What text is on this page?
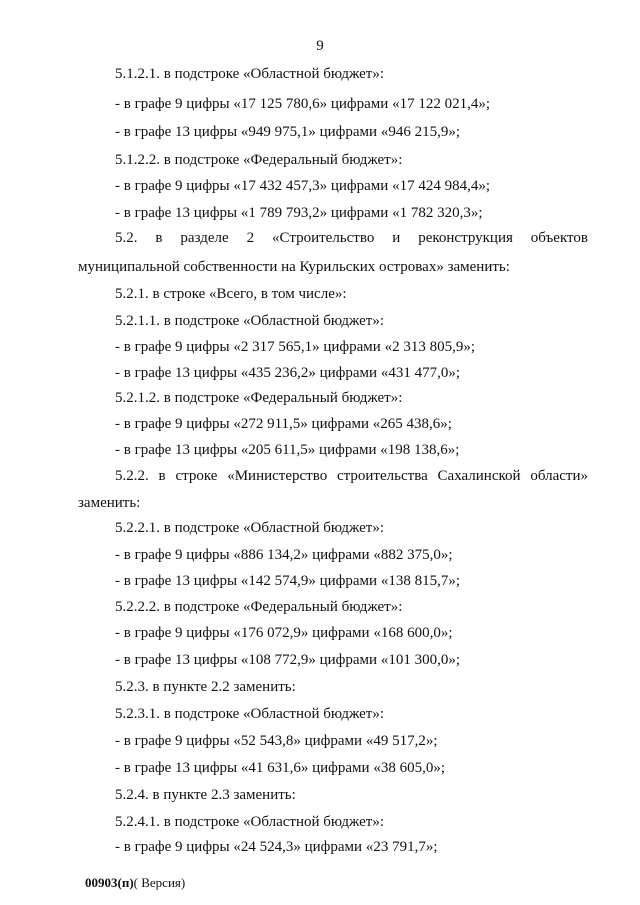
9
5.1.2.1. в подстроке «Областной бюджет»:
- в графе 9 цифры «17 125 780,6» цифрами «17 122 021,4»;
- в графе 13 цифры «949 975,1» цифрами «946 215,9»;
5.1.2.2. в подстроке «Федеральный бюджет»:
- в графе 9 цифры «17 432 457,3» цифрами «17 424 984,4»;
- в графе 13 цифры «1 789 793,2» цифрами «1 782 320,3»;
5.2. в разделе 2 «Строительство и реконструкция объектов
муниципальной собственности на Курильских островах» заменить:
5.2.1. в строке «Всего, в том числе»:
5.2.1.1. в подстроке «Областной бюджет»:
- в графе 9 цифры «2 317 565,1» цифрами «2 313 805,9»;
- в графе 13 цифры «435 236,2» цифрами «431 477,0»;
5.2.1.2. в подстроке «Федеральный бюджет»:
- в графе 9 цифры «272 911,5» цифрами «265 438,6»;
- в графе 13 цифры «205 611,5» цифрами «198 138,6»;
5.2.2. в строке «Министерство строительства Сахалинской области»
заменить:
5.2.2.1. в подстроке «Областной бюджет»:
- в графе 9 цифры «886 134,2» цифрами «882 375,0»;
- в графе 13 цифры «142 574,9» цифрами «138 815,7»;
5.2.2.2. в подстроке «Федеральный бюджет»:
- в графе 9 цифры «176 072,9» цифрами «168 600,0»;
- в графе 13 цифры «108 772,9» цифрами «101 300,0»;
5.2.3. в пункте 2.2 заменить:
5.2.3.1. в подстроке «Областной бюджет»:
- в графе 9 цифры «52 543,8» цифрами «49 517,2»;
- в графе 13 цифры «41 631,6» цифрами «38 605,0»;
5.2.4. в пункте 2.3 заменить:
5.2.4.1. в подстроке «Областной бюджет»:
- в графе 9 цифры «24 524,3» цифрами «23 791,7»;
00903(п)( Версия)
